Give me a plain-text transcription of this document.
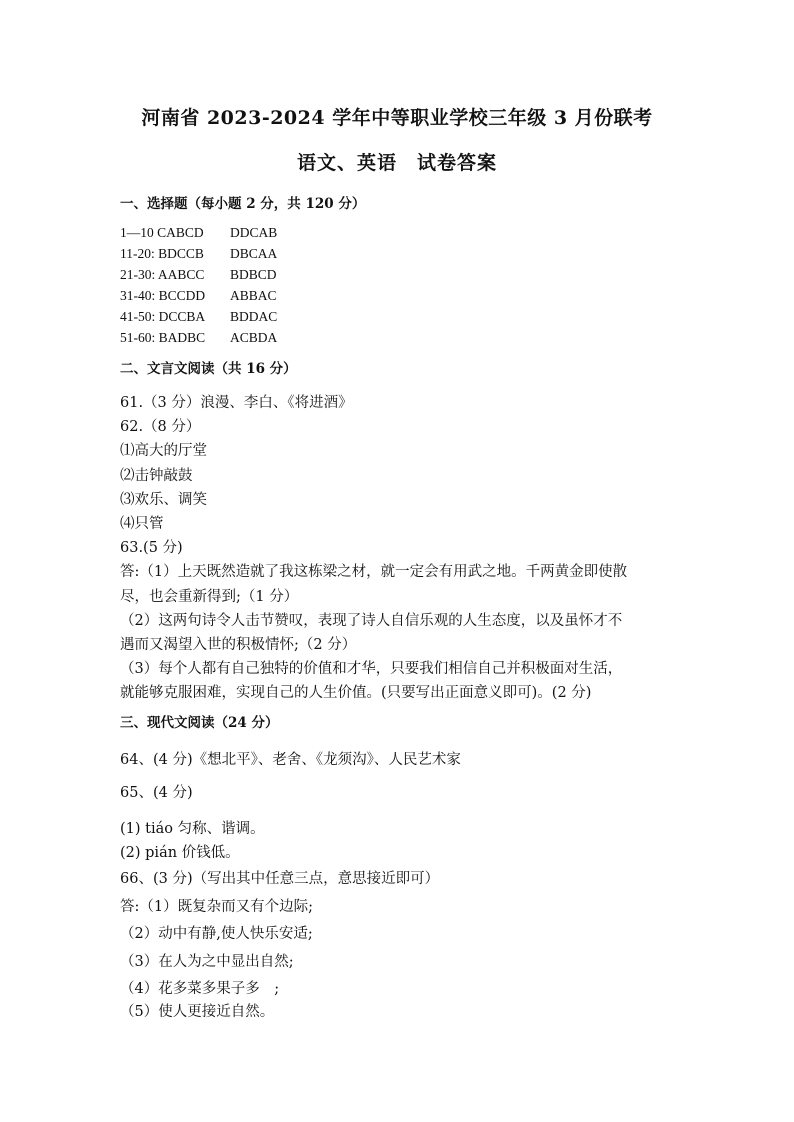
河南省 2023-2024 学年中等职业学校三年级 3 月份联考
语文、英语　试卷答案
一、选择题（每小题 2 分，共 120 分）
1—10 CABCD DDCAB
11-20: BDCCB DBCAA
21-30: AABCC BDBCD
31-40: BCCDD ABBAC
41-50: DCCBA BDDAC
51-60: BADBC ACBDA
二、文言文阅读（共 16 分）
61.（3 分）浪漫、李白、《将进酒》
62.（8 分）
⑴高大的厅堂
⑵击钟敲鼓
⑶欢乐、调笑
⑷只管
63.(5 分)
答:（1）上天既然造就了我这栋梁之材，就一定会有用武之地。千两黄金即使散
尽，也会重新得到;（1 分）
（2）这两句诗令人击节赞叹，表现了诗人自信乐观的人生态度，以及虽怀才不
遇而又渴望入世的积极情怀;（2 分）
（3）每个人都有自己独特的价值和才华，只要我们相信自己并积极面对生活，
就能够克服困难，实现自己的人生价值。(只要写出正面意义即可)。(2 分)
三、现代文阅读（24 分）
64、(4 分)《想北平》、老舍、《龙须沟》、人民艺术家
65、(4 分)
(1) tiáo 匀称、谐调。
(2) pián 价钱低。
66、(3 分)（写出其中任意三点，意思接近即可）
答:（1）既复杂而又有个边际;
（2）动中有静,使人快乐安适;
（3）在人为之中显出自然;
（4）花多菜多果子多　;
（5）使人更接近自然。
